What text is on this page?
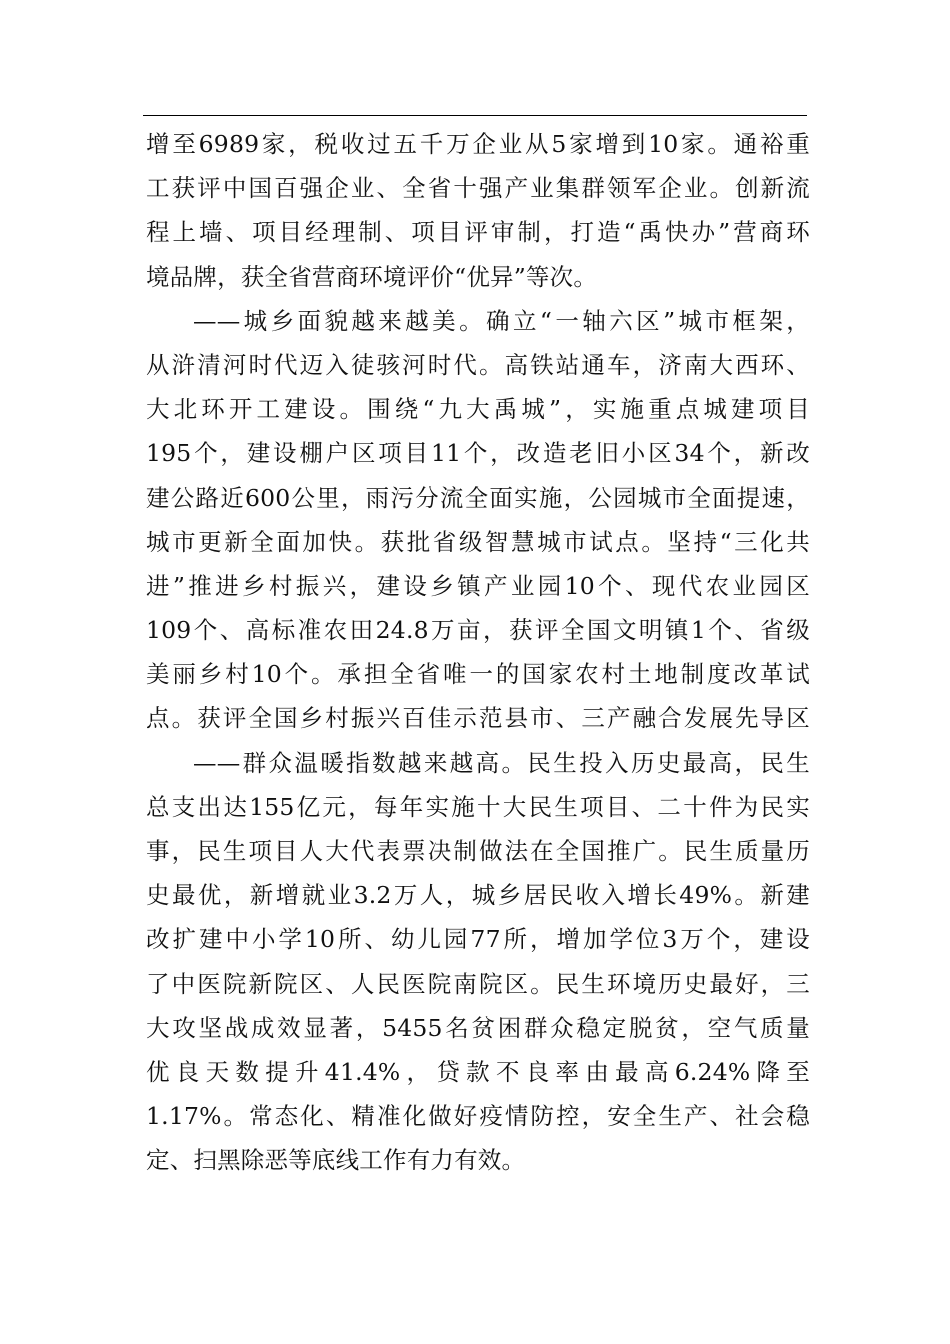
增至6989家，税收过五千万企业从5家增到10家。通裕重
工获评中国百强企业、全省十强产业集群领军企业。创新流
程上墙、项目经理制、项目评审制，打造“禹快办”营商环
境品牌，获全省营商环境评价“优异”等次。
——城乡面貌越来越美。确立“一轴六区”城市框架，
从浒清河时代迈入徒骇河时代。高铁站通车，济南大西环、
大北环开工建设。围绕“九大禹城”，实施重点城建项目
195个，建设棚户区项目11个，改造老旧小区34个，新改
建公路近600公里，雨污分流全面实施，公园城市全面提速，
城市更新全面加快。获批省级智慧城市试点。坚持“三化共
进”推进乡村振兴，建设乡镇产业园10个、现代农业园区
109个、高标准农田24.8万亩，获评全国文明镇1个、省级
美丽乡村10个。承担全省唯一的国家农村土地制度改革试
点。获评全国乡村振兴百佳示范县市、三产融合发展先导区
——群众温暖指数越来越高。民生投入历史最高，民生
总支出达155亿元，每年实施十大民生项目、二十件为民实
事，民生项目人大代表票决制做法在全国推广。民生质量历
史最优，新增就业3.2万人，城乡居民收入增长49%。新建
改扩建中小学10所、幼儿园77所，增加学位3万个，建设
了中医院新院区、人民医院南院区。民生环境历史最好，三
大攻坚战成效显著，5455名贫困群众稳定脱贫，空气质量
优良天数提升41.4%，贷款不良率由最高6.24%降至
1.17%。常态化、精准化做好疫情防控，安全生产、社会稳
定、扫黑除恶等底线工作有力有效。
